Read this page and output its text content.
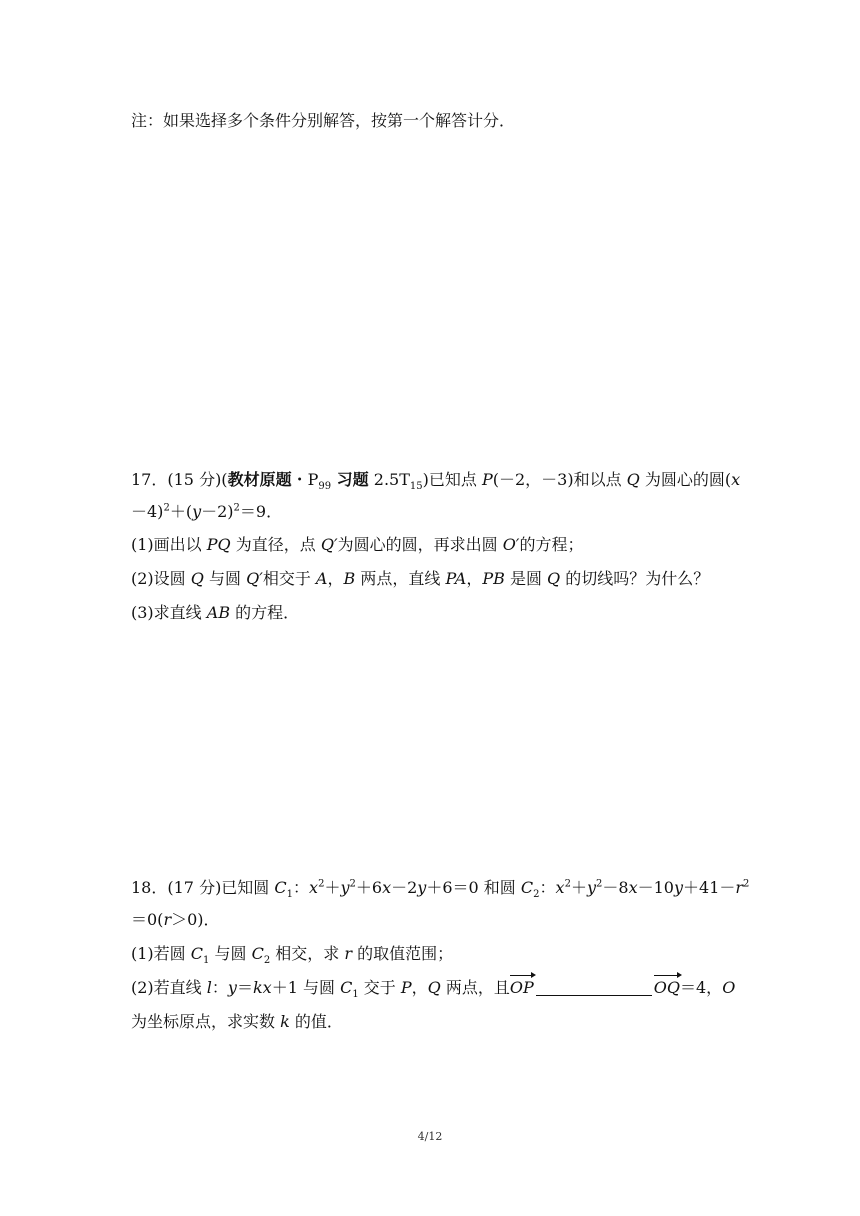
注：如果选择多个条件分别解答，按第一个解答计分．
17．(15 分)(教材原题・$P_{99}$ 习题 $2.5T_{15}$)已知点 P(－2，－3)和以点 Q 为圆心的圆(x
$-4)^2+(y-2)^2=9$．
(1)画出以 PQ 为直径，点 Q′为圆心的圆，再求出圆 O′的方程；
(2)设圆 Q 与圆 Q′相交于 A，B 两点，直线 PA，PB 是圆 Q 的切线吗？为什么？
(3)求直线 AB 的方程．
18．(17 分)已知圆 $C_1$：$x^2+y^2+6x-2y+6=0$ 和圆 $C_2$：$x^2+y^2-8x-10y+41-r^2$
＝0(r＞0)．
(1)若圆 $C_1$ 与圆 $C_2$ 相交，求 r 的取值范围；
(2)若直线 l：y＝kx＋1 与圆 $C_1$ 交于 P，Q 两点，且OP	OQ＝4，O
为坐标原点，求实数 k 的值．
4/12
